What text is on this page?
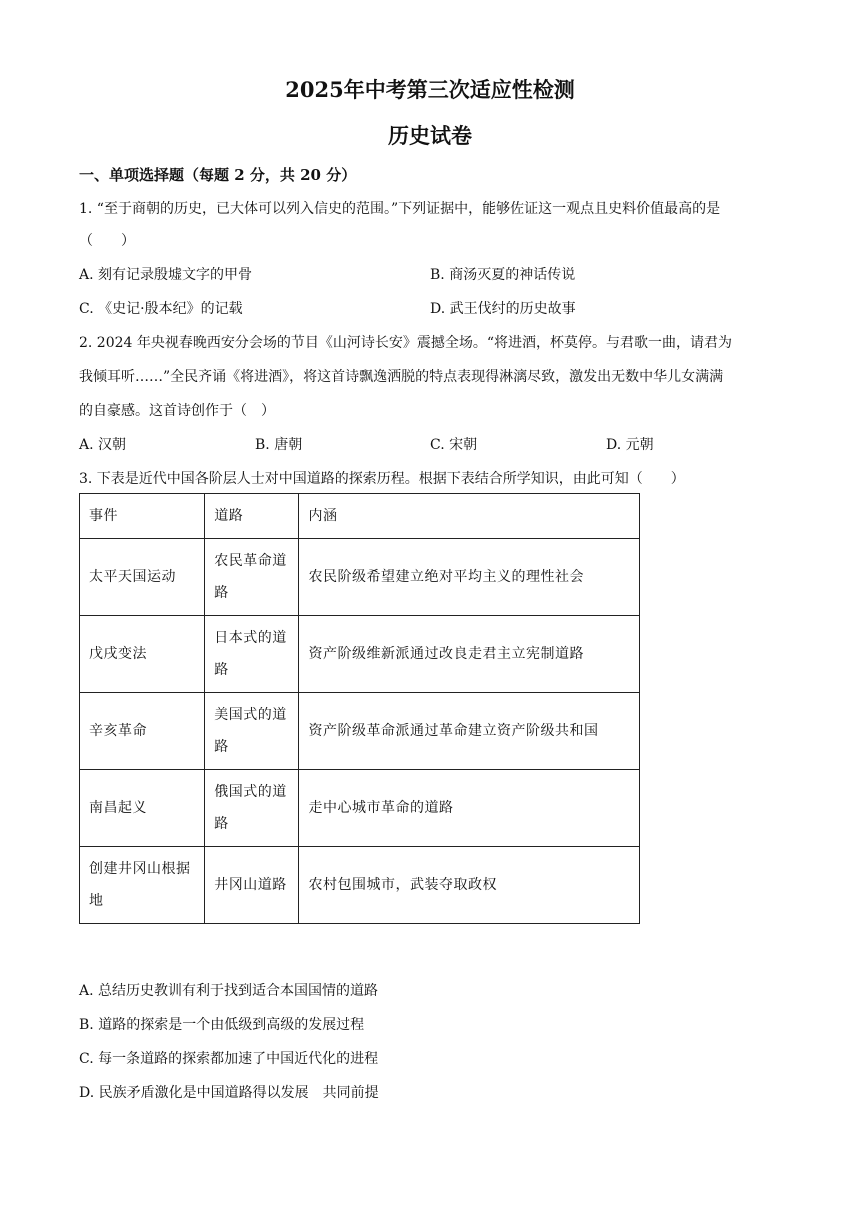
2025年中考第三次适应性检测
历史试卷
一、单项选择题（每题 2 分，共 20 分）
1. “至于商朝的历史，已大体可以列入信史的范围。”下列证据中，能够佐证这一观点且史料价值最高的是
（　　）
A. 刻有记录殷墟文字的甲骨	B. 商汤灭夏的神话传说
C. 《史记·殷本纪》的记载	D. 武王伐纣的历史故事
2. 2024 年央视春晚西安分会场的节目《山河诗长安》震撼全场。“将进酒，杯莫停。与君歌一曲，请君为
我倾耳听……”全民齐诵《将进酒》，将这首诗飘逸洒脱的特点表现得淋漓尽致，激发出无数中华儿女满满
的自豪感。这首诗创作于（　）
A. 汉朝	B. 唐朝	C. 宋朝	D. 元朝
3. 下表是近代中国各阶层人士对中国道路的探索历程。根据下表结合所学知识，由此可知（　　）
事件	道路	内涵
太平天国运动	农民革命道路	农民阶级希望建立绝对平均主义的理性社会
戊戌变法	日本式的道路	资产阶级维新派通过改良走君主立宪制道路
辛亥革命	美国式的道路	资产阶级革命派通过革命建立资产阶级共和国
南昌起义	俄国式的道路	走中心城市革命的道路
创建井冈山根据地	井冈山道路	农村包围城市，武装夺取政权
A. 总结历史教训有利于找到适合本国国情的道路
B. 道路的探索是一个由低级到高级的发展过程
C. 每一条道路的探索都加速了中国近代化的进程
D. 民族矛盾激化是中国道路得以发展　共同前提
